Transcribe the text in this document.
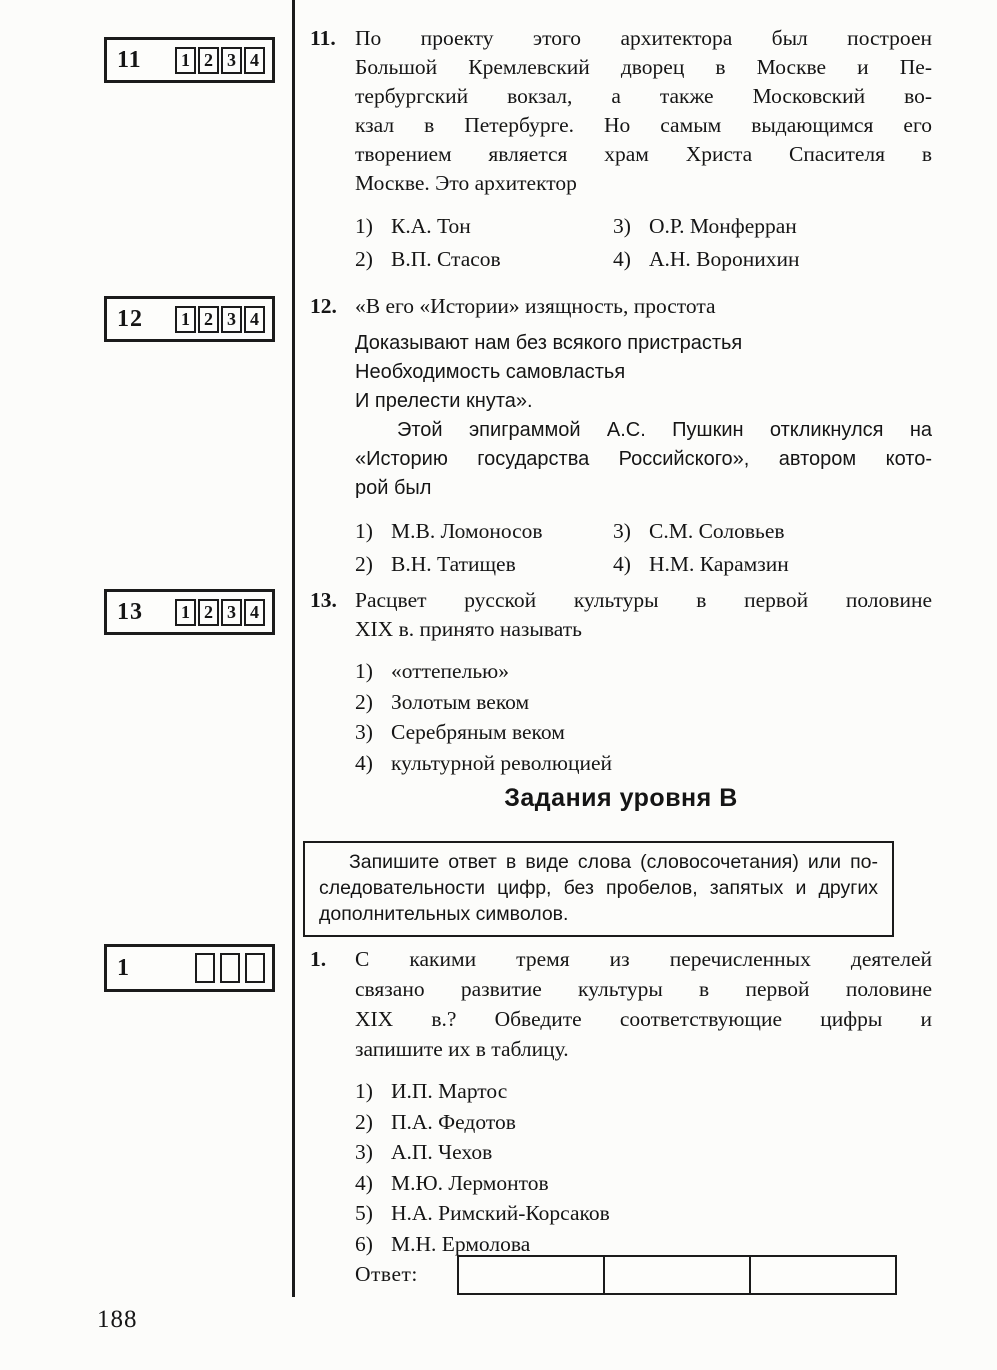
11	1 2 3 4
12	1 2 3 4
13	1 2 3 4
1
11. По проекту этого архитектора был построен
Большой Кремлевский дворец в Москве и Пе-
тербургский вокзал, а также Московский во-
кзал в Петербурге. Но самым выдающимся его
творением является храм Христа Спасителя в
Москве. Это архитектор
1) К.А. Тон	3) О.Р. Монферран
2) В.П. Стасов	4) А.Н. Воронихин
12. «В его «Истории» изящность, простота
Доказывают нам без всякого пристрастья
Необходимость самовластья
И прелести кнута».
Этой эпиграммой А.С. Пушкин откликнулся на
«Историю государства Российского», автором кото-
рой был
1) М.В. Ломоносов	3) С.М. Соловьев
2) В.Н. Татищев	4) Н.М. Карамзин
13. Расцвет русской культуры в первой половине
XIX в. принято называть
1) «оттепелью»
2) Золотым веком
3) Серебряным веком
4) культурной революцией
Задания уровня В
Запишите ответ в виде слова (словосочетания) или по-
следовательности цифр, без пробелов, запятых и других
дополнительных символов.
1. С какими тремя из перечисленных деятелей
связано развитие культуры в первой половине
XIX в.? Обведите соответствующие цифры и
запишите их в таблицу.
1) И.П. Мартос
2) П.А. Федотов
3) А.П. Чехов
4) М.Ю. Лермонтов
5) Н.А. Римский-Корсаков
6) М.Н. Ермолова
Ответ:
188
